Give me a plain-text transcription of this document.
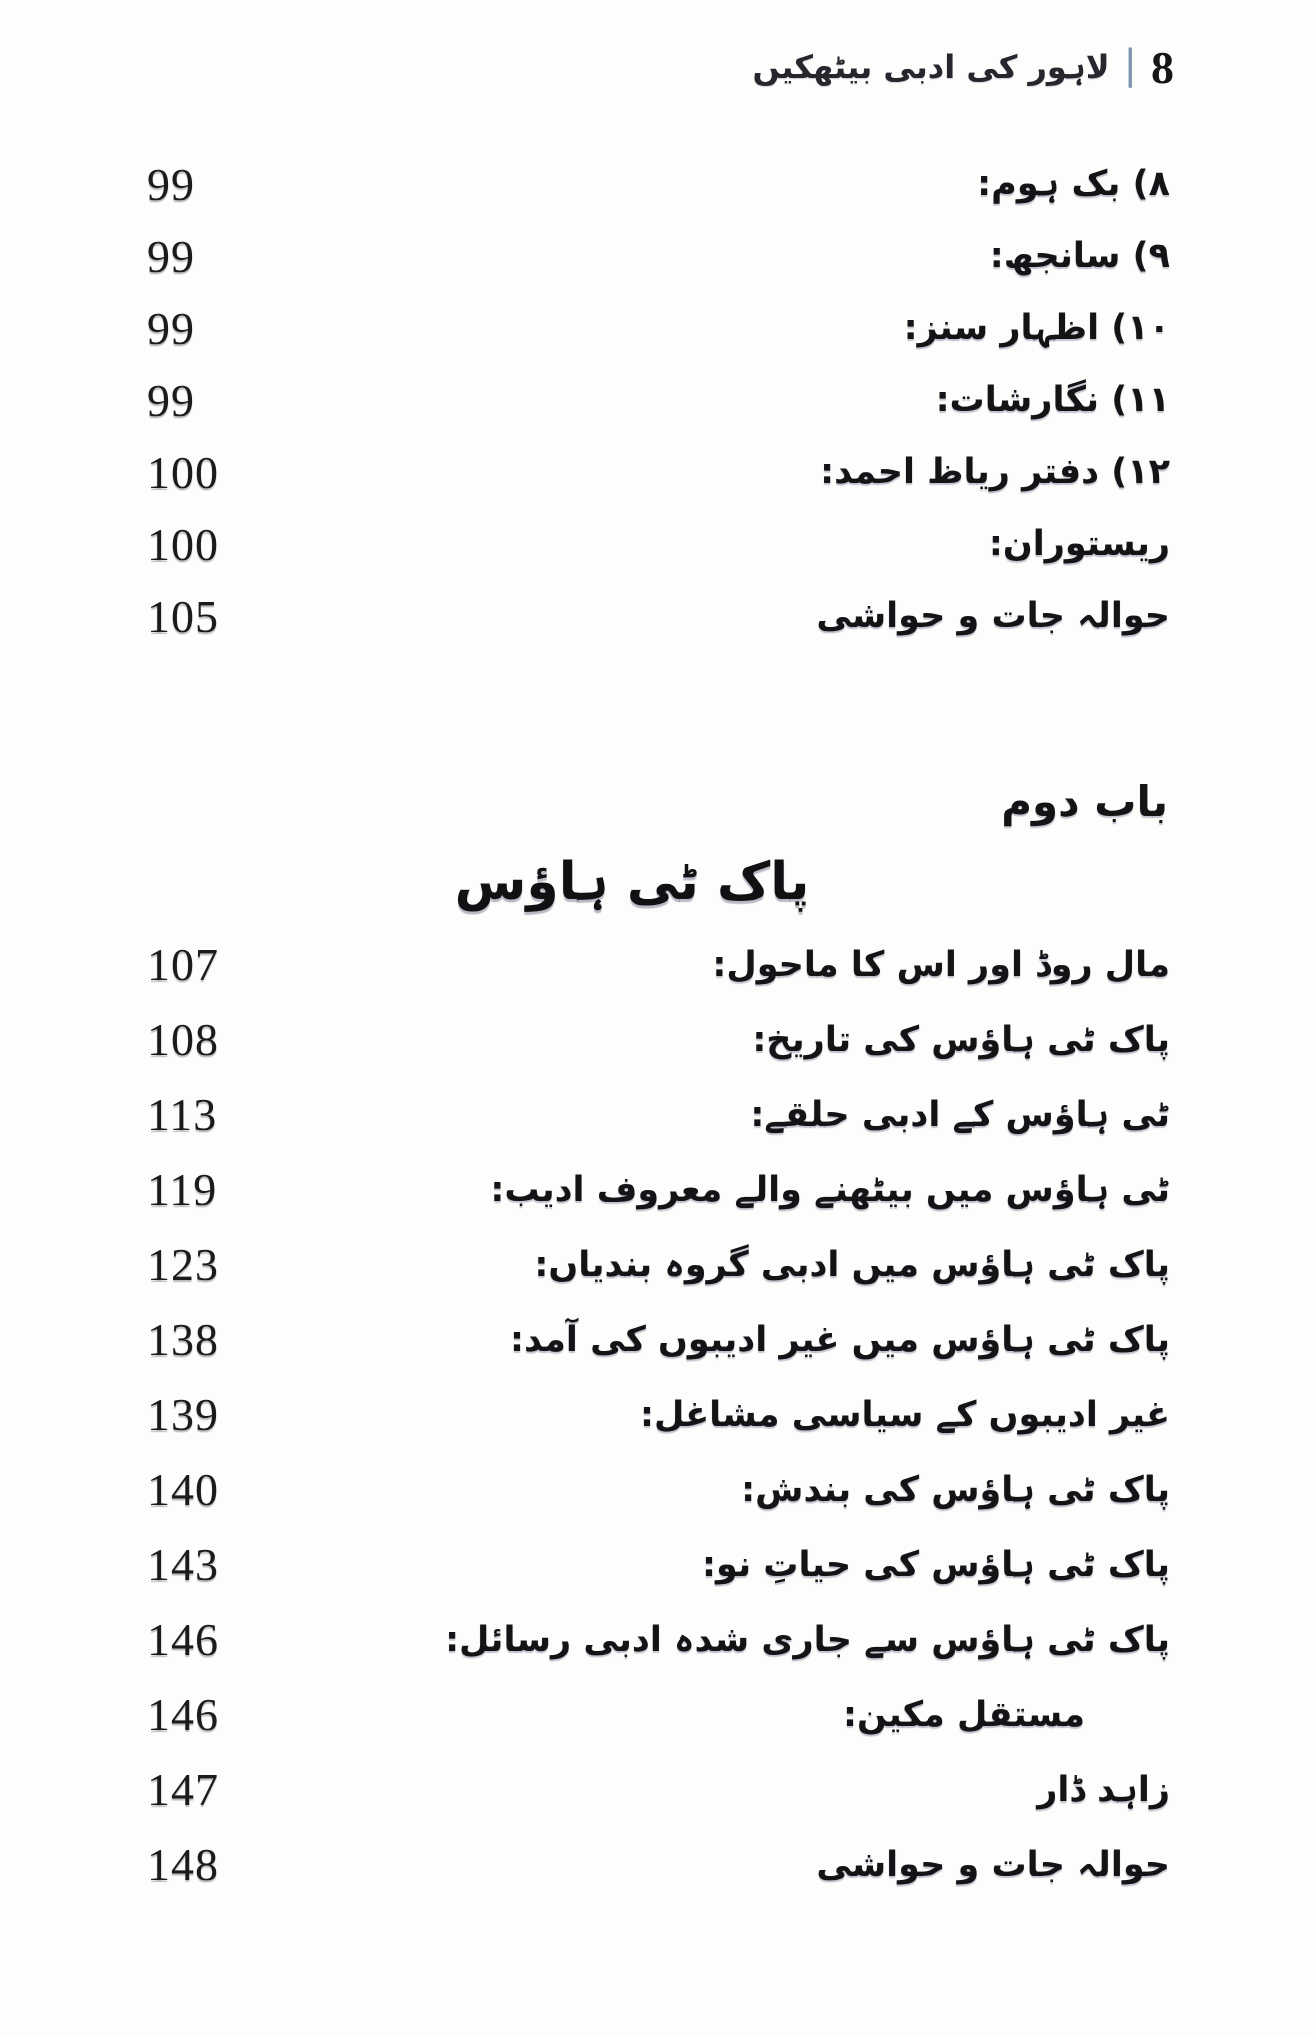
8
|
لاہور کی ادبی بیٹھکیں
99	۸) بک ہوم:
99	۹) سانجھ:
99	۱۰) اظہار سنز:
99	۱۱) نگارشات:
100	۱۲) دفتر ریاظ احمد:
100	ریستوران:
105	حوالہ جات و حواشی
باب دوم
پاک ٹی ہاؤس
107	مال روڈ اور اس کا ماحول:
108	پاک ٹی ہاؤس کی تاریخ:
113	ٹی ہاؤس کے ادبی حلقے:
119	ٹی ہاؤس میں بیٹھنے والے معروف ادیب:
123	پاک ٹی ہاؤس میں ادبی گروہ بندیاں:
138	پاک ٹی ہاؤس میں غیر ادیبوں کی آمد:
139	غیر ادیبوں کے سیاسی مشاغل:
140	پاک ٹی ہاؤس کی بندش:
143	پاک ٹی ہاؤس کی حیاتِ نو:
146	پاک ٹی ہاؤس سے جاری شدہ ادبی رسائل:
146	مستقل مکین:
147	زاہد ڈار
148	حوالہ جات و حواشی
